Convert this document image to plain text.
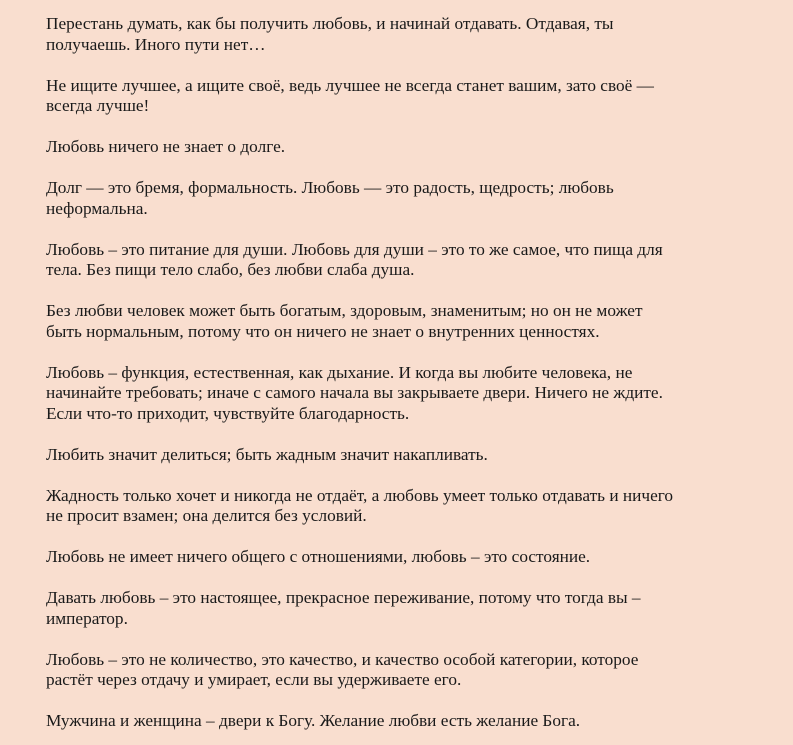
Перестань думать, как бы получить любовь, и начинай отдавать. Отдавая, ты
получаешь. Иного пути нет…

Не ищите лучшее, а ищите своё, ведь лучшее не всегда станет вашим, зато своё —
всегда лучше!

Любовь ничего не знает о долге.

Долг — это бремя, формальность. Любовь — это радость, щедрость; любовь
неформальна.

Любовь – это питание для души. Любовь для души – это то же самое, что пища для
тела. Без пищи тело слабо, без любви слаба душа.

Без любви человек может быть богатым, здоровым, знаменитым; но он не может
быть нормальным, потому что он ничего не знает о внутренних ценностях.

Любовь – функция, естественная, как дыхание. И когда вы любите человека, не
начинайте требовать; иначе с самого начала вы закрываете двери. Ничего не ждите.
Если что-то приходит, чувствуйте благодарность.

Любить значит делиться; быть жадным значит накапливать.

Жадность только хочет и никогда не отдаёт, а любовь умеет только отдавать и ничего
не просит взамен; она делится без условий.

Любовь не имеет ничего общего с отношениями, любовь – это состояние.

Давать любовь – это настоящее, прекрасное переживание, потому что тогда вы –
император.

Любовь – это не количество, это качество, и качество особой категории, которое
растёт через отдачу и умирает, если вы удерживаете его.

Мужчина и женщина – двери к Богу. Желание любви есть желание Бога.
